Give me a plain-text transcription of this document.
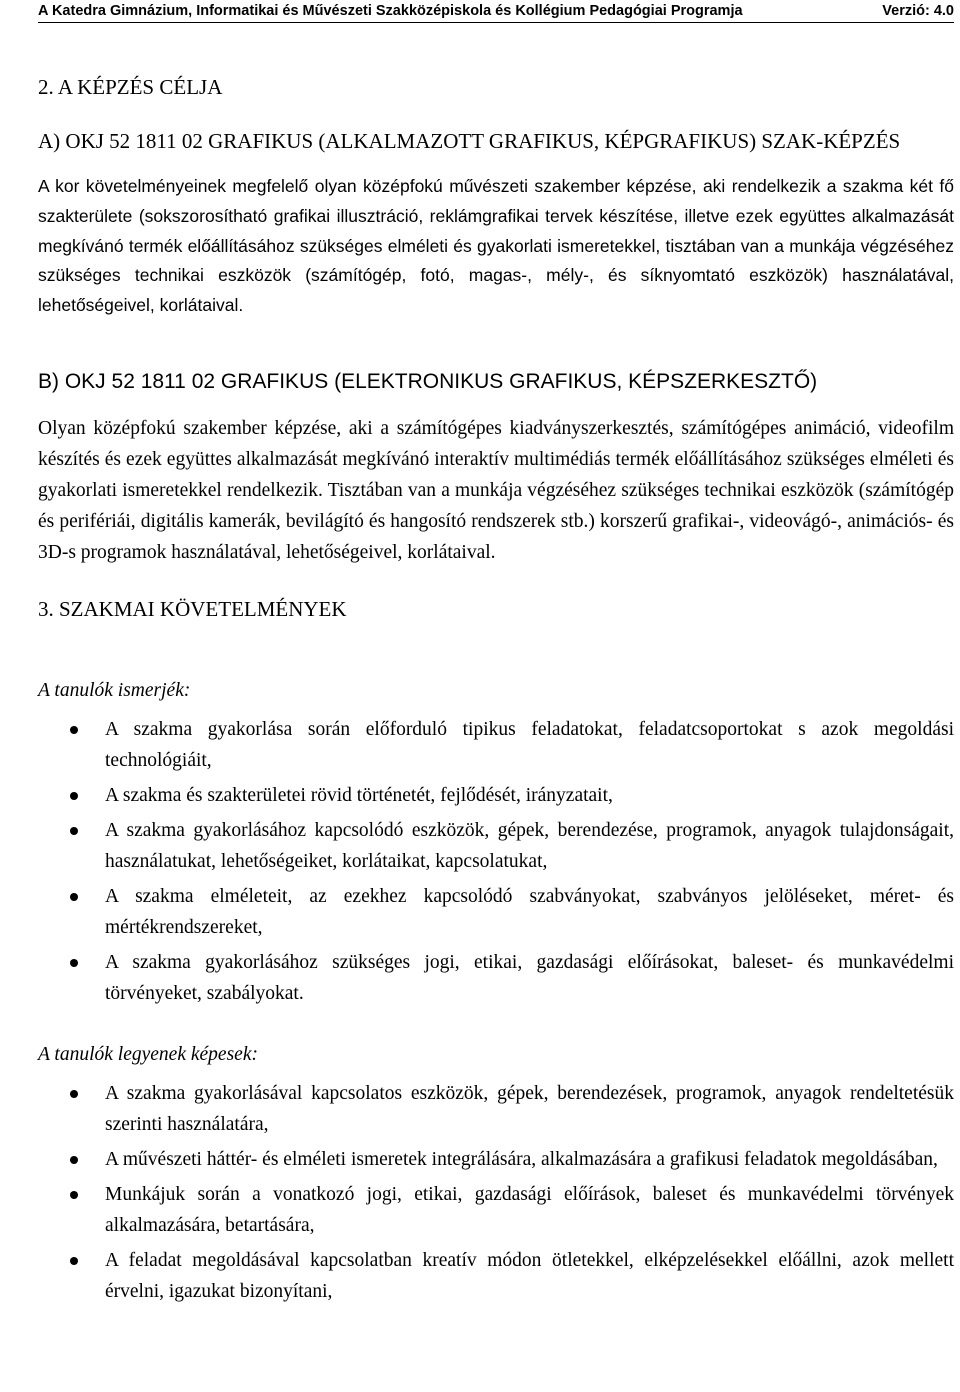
A Katedra Gimnázium, Informatikai és Művészeti Szakközépiskola és Kollégium Pedagógiai Programja	Verzió: 4.0
2. A KÉPZÉS CÉLJA
A) OKJ 52 1811 02 GRAFIKUS (ALKALMAZOTT GRAFIKUS, KÉPGRAFIKUS) SZAK-KÉPZÉS

A kor követelményeinek megfelelő olyan középfokú művészeti szakember képzése, aki rendelkezik a szakma két fő szakterülete (sokszorosítható grafikai illusztráció, reklámgrafikai tervek készítése, illetve ezek együttes alkalmazását megkívánó termék előállításához szükséges elméleti és gyakorlati ismeretekkel, tisztában van a munkája végzéséhez szükséges technikai eszközök (számítógép, fotó, magas-, mély-, és síknyomtató eszközök) használatával, lehetőségeivel, korlátaival.

B) OKJ 52 1811 02 GRAFIKUS (ELEKTRONIKUS GRAFIKUS, KÉPSZERKESZTŐ)

Olyan középfokú szakember képzése, aki a számítógépes kiadványszerkesztés, számítógépes animáció, videofilm készítés és ezek együttes alkalmazását megkívánó interaktív multimédiás termék előállításához szükséges elméleti és gyakorlati ismeretekkel rendelkezik. Tisztában van a munkája végzéséhez szükséges technikai eszközök (számítógép és perifériái, digitális kamerák, bevilágító és hangosító rendszerek stb.) korszerű grafikai-, videovágó-, animációs- és 3D-s programok használatával, lehetőségeivel, korlátaival.

3. SZAKMAI KÖVETELMÉNYEK
A tanulók ismerjék:
A szakma gyakorlása során előforduló tipikus feladatokat, feladatcsoportokat s azok megoldási technológiáit,
A szakma és szakterületei rövid történetét, fejlődését, irányzatait,
A szakma gyakorlásához kapcsolódó eszközök, gépek, berendezése, programok, anyagok tulajdonságait, használatukat, lehetőségeiket, korlátaikat, kapcsolatukat,
A szakma elméleteit, az ezekhez kapcsolódó szabványokat, szabványos jelöléseket, méret- és mértékrendszereket,
A szakma gyakorlásához szükséges jogi, etikai, gazdasági előírásokat, baleset- és munkavédelmi törvényeket, szabályokat.
A tanulók legyenek képesek:
A szakma gyakorlásával kapcsolatos eszközök, gépek, berendezések, programok, anyagok rendeltetésük szerinti használatára,
A művészeti háttér- és elméleti ismeretek integrálására, alkalmazására a grafikusi feladatok megoldásában,
Munkájuk során a vonatkozó jogi, etikai, gazdasági előírások, baleset és munkavédelmi törvények alkalmazására, betartására,
A feladat megoldásával kapcsolatban kreatív módon ötletekkel, elképzelésekkel előállni, azok mellett érvelni, igazukat bizonyítani,
